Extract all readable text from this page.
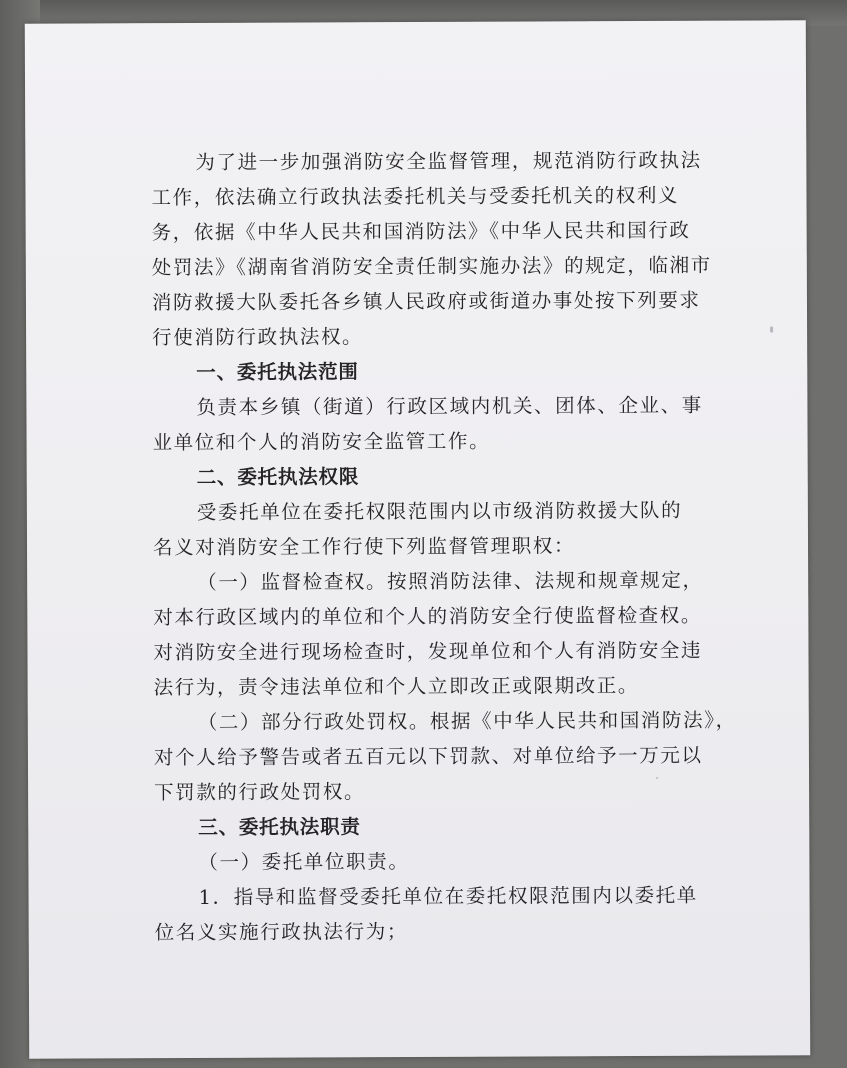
为了进一步加强消防安全监督管理，规范消防行政执法
工作，依法确立行政执法委托机关与受委托机关的权利义
务，依据《中华人民共和国消防法》《中华人民共和国行政
处罚法》《湖南省消防安全责任制实施办法》的规定，临湘市
消防救援大队委托各乡镇人民政府或街道办事处按下列要求
行使消防行政执法权。
一、委托执法范围
负责本乡镇（街道）行政区域内机关、团体、企业、事
业单位和个人的消防安全监管工作。
二、委托执法权限
受委托单位在委托权限范围内以市级消防救援大队的
名义对消防安全工作行使下列监督管理职权：
（一）监督检查权。按照消防法律、法规和规章规定，
对本行政区域内的单位和个人的消防安全行使监督检查权。
对消防安全进行现场检查时，发现单位和个人有消防安全违
法行为，责令违法单位和个人立即改正或限期改正。
（二）部分行政处罚权。根据《中华人民共和国消防法》，
对个人给予警告或者五百元以下罚款、对单位给予一万元以
下罚款的行政处罚权。
三、委托执法职责
（一）委托单位职责。
1．指导和监督受委托单位在委托权限范围内以委托单
位名义实施行政执法行为；
